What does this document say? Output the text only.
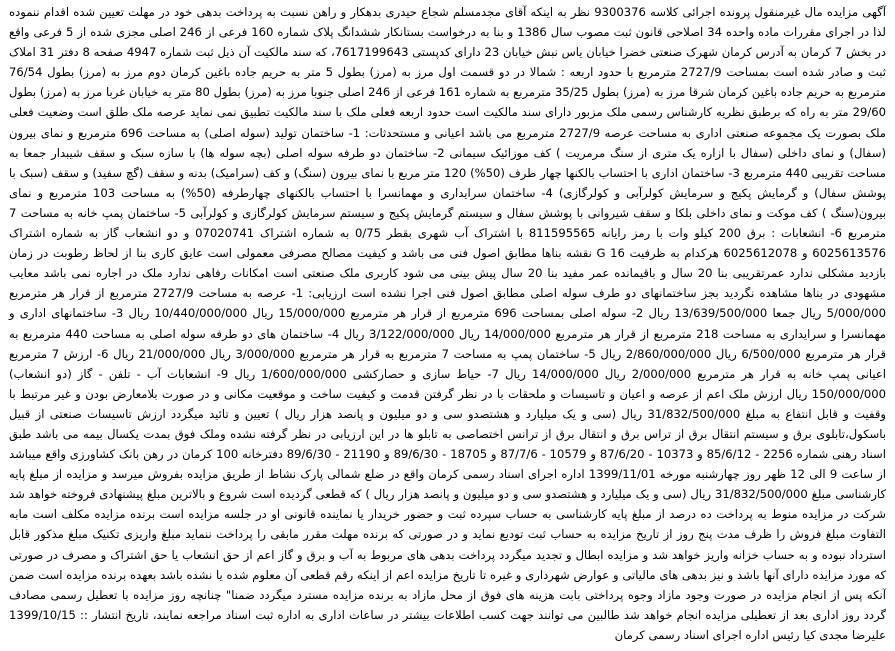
آگهی مزایده مال غیرمنقول پرونده اجرائی کلاسه 9300376 نظر به اینکه آقای مجدمسلم شجاع حیدری بدهکار و راهن نسبت به پرداخت بدهی خود در مهلت تعیین شده اقدام ننموده لذا در اجرای مقررات ماده واحده 34 اصلاحی قانون ثبت مصوب سال 1386 و بنا به درخواست بستانکار ششدانگ پلاک شماره 160 فرعی از 246 اصلی مجزی شده از 5 فرعی واقع در بخش 7 کرمان به آدرس کرمان شهرک صنعتی خضرا خیابان یاس نبش خیابان 23 دارای کدپستی 7617199643، که سند مالکیت آن ذیل ثبت شماره 4947 صفحه 8 دفتر 31 املاک ثبت و صادر شده است بمساحت 2727/9 مترمربع با حدود اربعه : شمالا در دو قسمت اول مرز به (مرز) بطول 5 متر به حریم جاده باغین کرمان دوم مرز به (مرز) بطول 76/54 مترمربع به حریم جاده باغین کرمان شرقا مرز به (مرز) بطول 35/25 مترمربع به شماره 161 فرعی از 246 اصلی جنوبا مرز به (مرز) بطول 80 متر به خیابان غربا مرز به (مرز) بطول 29/60 متر به راه که برطبق نظریه کارشناس رسمی ملک مزبور دارای سند مالکیت است حدود اربعه فعلی ملک با سند مالکیت تطبیق نمی نماید عرصه ملک طلق است وضعیت فعلی ملک بصورت یک مجموعه صنعتی اداری به مساحت عرصه 2727/9 مترمربع می باشد اعیانی و مستحدثات: 1- ساختمان تولید (سوله اصلی) به مساحت 696 مترمربع و نمای بیرون (سفال) و نمای داخلی (سفال با ازاره یک متری از سنگ مرمریت ) کف موزائیک سیمانی 2- ساختمان دو طرفه سوله اصلی (بچه سوله ها) با سازه سبک و سقف شیبدار جمعا به مساحت تقریبی 440 مترمربع 3- ساختمان اداری با احتساب بالکنها چهار طرف (50%) 120 متر مربع با نمای بیرون (سنگ) و کف (سرامیک) بدنه و سقف (گچ سفید) و سقف (سبک با پوشش سفال) و گرمایش پکیج و سرمایش کولرآبی و کولرگازی) 4- ساختمان سرایداری و مهمانسرا با احتساب بالکنهای چهارطرفه (50%) به مساحت 103 مترمربع و نمای بیرون(سنگ ) کف موکت و نمای داخلی بلکا و سقف شیروانی با پوشش سفال و سیستم گرمایش پکیج و سیستم سرمایش کولرگازی و کولرآبی 5- ساختمان پمپ خانه به مساحت 7 مترمربع 6- انشعابات : برق 200 کیلو وات با رمز رایانه 811595565 با اشتراک آب شهری بقطر 0/75 به شماره اشتراک 07020741 و دو انشعاب گاز به شماره اشتراک 6025613576 و 6025612078 هرکدام به ظرفیت G 16 نقشه بناها مطابق اصول فنی می باشد و کیفیت مصالح مصرفی معمولی است عایق کاری بنا از لحاظ رطوبت در زمان بازدید مشکلی ندارد عمرتقریبی بنا 20 سال و باقیمانده عمر مفید بنا 20 سال پیش بینی می شود کاربری ملک صنعتی است امکانات رفاهی ندارد ملک در اجاره نمی باشد معایب مشهودی در بناها مشاهده نگردید بجز ساختمانهای دو طرف سوله اصلی مطابق اصول فنی اجرا نشده است ارزیابی: 1- عرصه به مساحت 2727/9 مترمربع از قرار هر مترمربع 5/000/000 ریال جمعا 13/639/500/000 ریال 2- سوله اصلی بمساحت 696 مترمربع از قرار هر مترمربع 15/000/000 ریال 10/440/000/000 ریال 3- ساختمانهای اداری و مهمانسرا و سرایداری به مساحت 218 مترمربع از قرار هر مترمربع 14/000/000 ریال 3/122/000/000 ریال 4- ساختمان های دو طرفه سوله اصلی به مساحت 440 مترمربع به قرار هر مترمربع 6/500/000 ریال 2/860/000/000 ریال 5- ساختمان پمپ به مساحت 7 مترمربع به قرار هر مترمربع 3/000/000 ریال 21/000/000 ریال 6- ارزش 7 مترمربع اعیانی پمپ خانه به قرار هر مترمربع 2/000/000 ریال 14/000/000 ریال 7- حیاط سازی و حصارکشی 1/600/000/000 ریال 9- انشعابات آب - تلفن - گاز (دو انشعاب) 150/000/000 ریال ارزش ملک اعم از عرصه و اعیان و تاسیسات و ملحقات با در نظر گرفتن قدمت و کیفیت ساخت و موقعیت مکانی و در صورت بلامعارض بودن و غیر مرتبط با وقفیت و قابل انتفاع به مبلغ 31/832/500/000 ریال (سی و یک میلیارد و هشتصدو سی و دو میلیون و پانصد هزار ریال ) تعیین و تائید میگردد ارزش تاسیسات صنعتی از قبیل باسکول،تابلوی برق و سیستم انتقال برق از تراس برق و انتقال برق از ترانس اختصاصی به تابلو ها در این ارزیابی در نظر گرفته نشده وملک فوق بمدت یکسال بیمه می باشد طبق اسناد رهنی شماره 2256 - 85/6/12 و 10373 - 87/6/20 و 10579 - 87/7/6 و 18705 - 89/6/30 و 21190 - 89/6/30 دفترخانه 100 کرمان در رهن بانک کشاورزی واقع میباشد از ساعت 9 الی 12 ظهر روز چهارشنبه مورخه 1399/11/01 اداره اجرای اسناد رسمی کرمان واقع در ضلع شمالی پارک نشاط از طریق مزایده بفروش میرسد و مزایده از مبلغ پایه کارشناسی مبلغ 31/832/500/000 ریال (سی و یک میلیارد و هشتصدو سی و دو میلیون و پانصد هزار ریال ) که قطعی گردیده است شروع و بالاترین مبلغ پیشنهادی فروخته خواهد شد شرکت در مزایده منوط به پرداخت ده درصد از مبلغ پایه کارشناسی به حساب سپرده ثبت و حضور خریدار یا نماینده قانونی او در جلسه مزایده است برنده مزایده مکلف است مابه التفاوت مبلغ فروش را ظرف مدت پنج روز از تاریخ مزایده به حساب ثبت تودیع نماید و در صورتی که برنده مهلت مقرر مابقی را پرداخت ننماید مبلغ واریزی تکنیک مبلغ مذکور قابل استرداد نبوده و به حساب خزانه واریز خواهد شد و مزایده ابطال و تجدید میگردد پرداخت بدهی های مربوط به آب و برق و گاز اعم از حق انشعاب یا حق اشتراک و مصرف در صورتی که مورد مزایده دارای آنها باشد و نیز بدهی های مالیاتی و عوارض شهرداری و غیره تا تاریخ مزایده اعم از اینکه رقم قطعی آن معلوم شده یا نشده باشد بعهده برنده مزایده است ضمن آنکه پس از انجام مزایده در صورت وجود مازاد وجوه پرداختی بابت هزینه های فوق از محل مازاد به برنده مزایده مسترد میگردد ضمنا" چنانچه روز مزایده با تعطیل رسمی مصادف گردد روز اداری بعد از تعطیلی مزایده انجام خواهد شد طالبین می توانند جهت کسب اطلاعات بیشتر در ساعات اداری به اداره ثبت اسناد مراجعه نمایند، تاریخ انتشار :: 1399/10/15 علیرضا مجدی کیا رئیس اداره اجرای اسناد رسمی کرمان
